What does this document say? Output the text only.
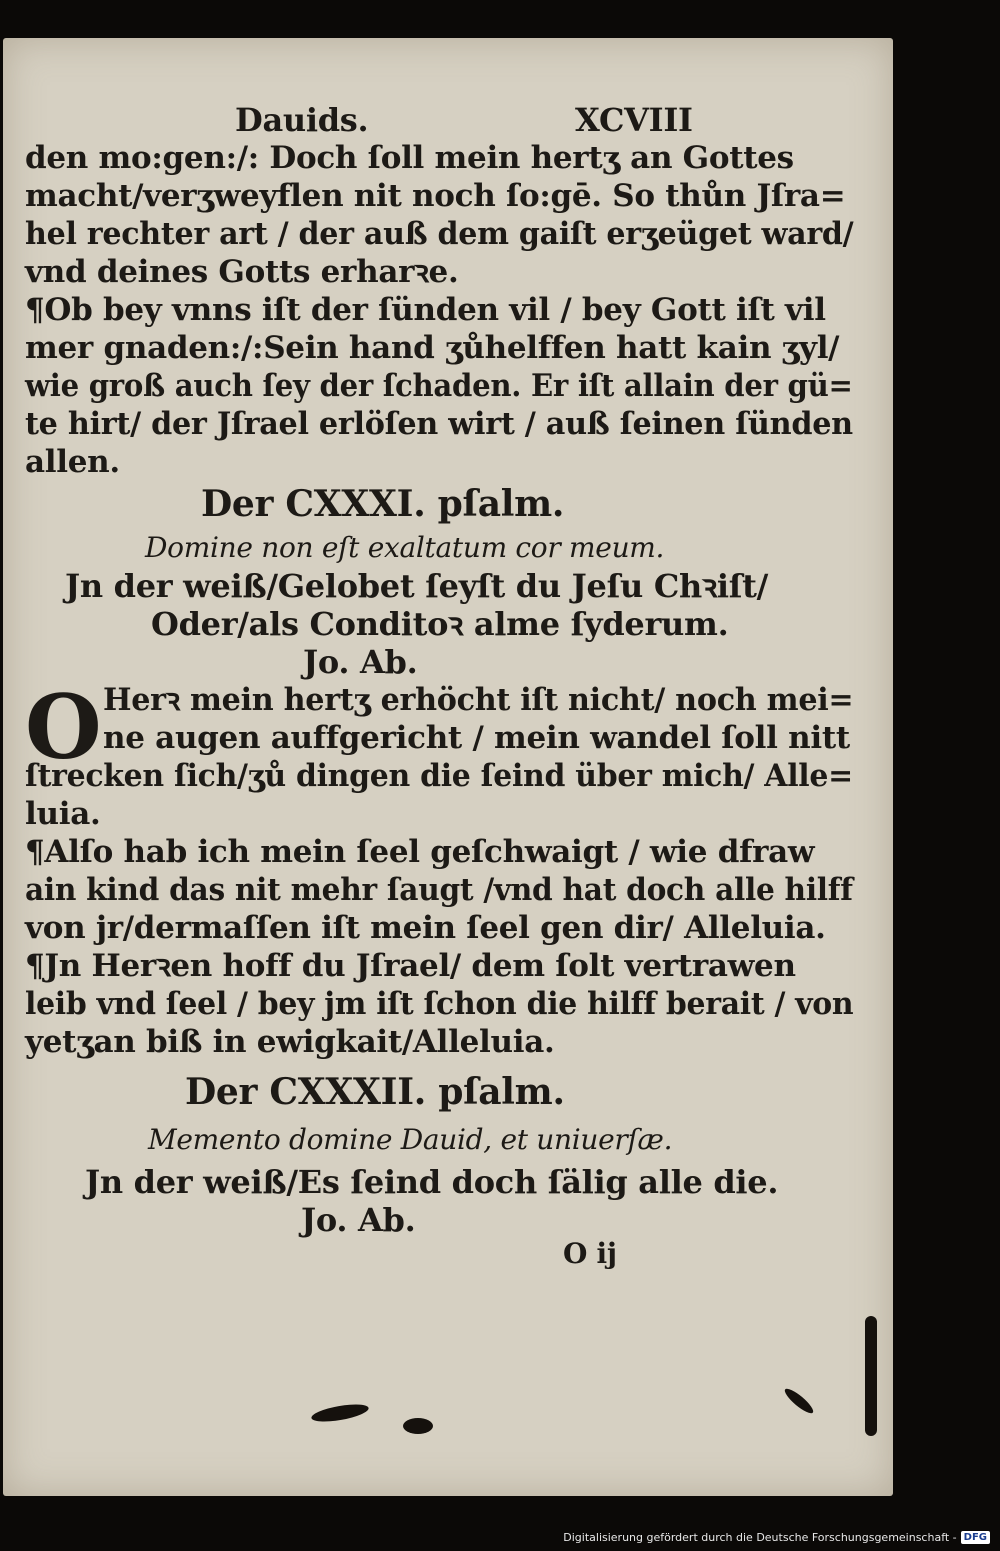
Dauids.	XCVIII
den mo:gen:/: Doch ſoll mein hertʒ an Gottes
macht/verʒweyflen nit noch ſo:gē. So thůn Jſra=
hel rechter art / der auß dem gaiſt erʒeüget ward/
vnd deines Gotts erharꝛe.
¶Ob bey vnns iſt der ſünden vil / bey Gott iſt vil
mer gnaden:/:Sein hand ʒůhelffen hatt kain ʒyl/
wie groß auch ſey der ſchaden. Er iſt allain der gü=
te hirt/ der Jſrael erlöſen wirt / auß ſeinen ſünden
allen.
Der CXXXI. pſalm.
Domine non eſt exaltatum cor meum.
Jn der weiß/Gelobet ſeyſt du Jeſu Chꝛiſt/
Oder/als Conditoꝛ alme ſyderum.
Jo. Ab.
O Herꝛ mein hertʒ erhöcht iſt nicht/ noch mei=
ne augen auffgericht / mein wandel ſoll nitt
ſtrecken ſich/ʒů dingen die ſeind über mich/ Alle=
luia.
¶Alſo hab ich mein ſeel geſchwaigt / wie dfraw
ain kind das nit mehr ſaugt /vnd hat doch alle hilff
von jr/dermaſſen iſt mein ſeel gen dir/ Alleluia.
¶Jn Herꝛen hoff du Jſrael/ dem ſolt vertrawen
leib vnd ſeel / bey jm iſt ſchon die hilff berait / von
yetʒan biß in ewigkait/Alleluia.
Der CXXXII. pſalm.
Memento domine Dauid, et uniuerſæ.
Jn der weiß/Es ſeind doch ſälig alle die.
Jo. Ab.
O ij
Digitalisierung gefördert durch die Deutsche Forschungsgemeinschaft - DFG
